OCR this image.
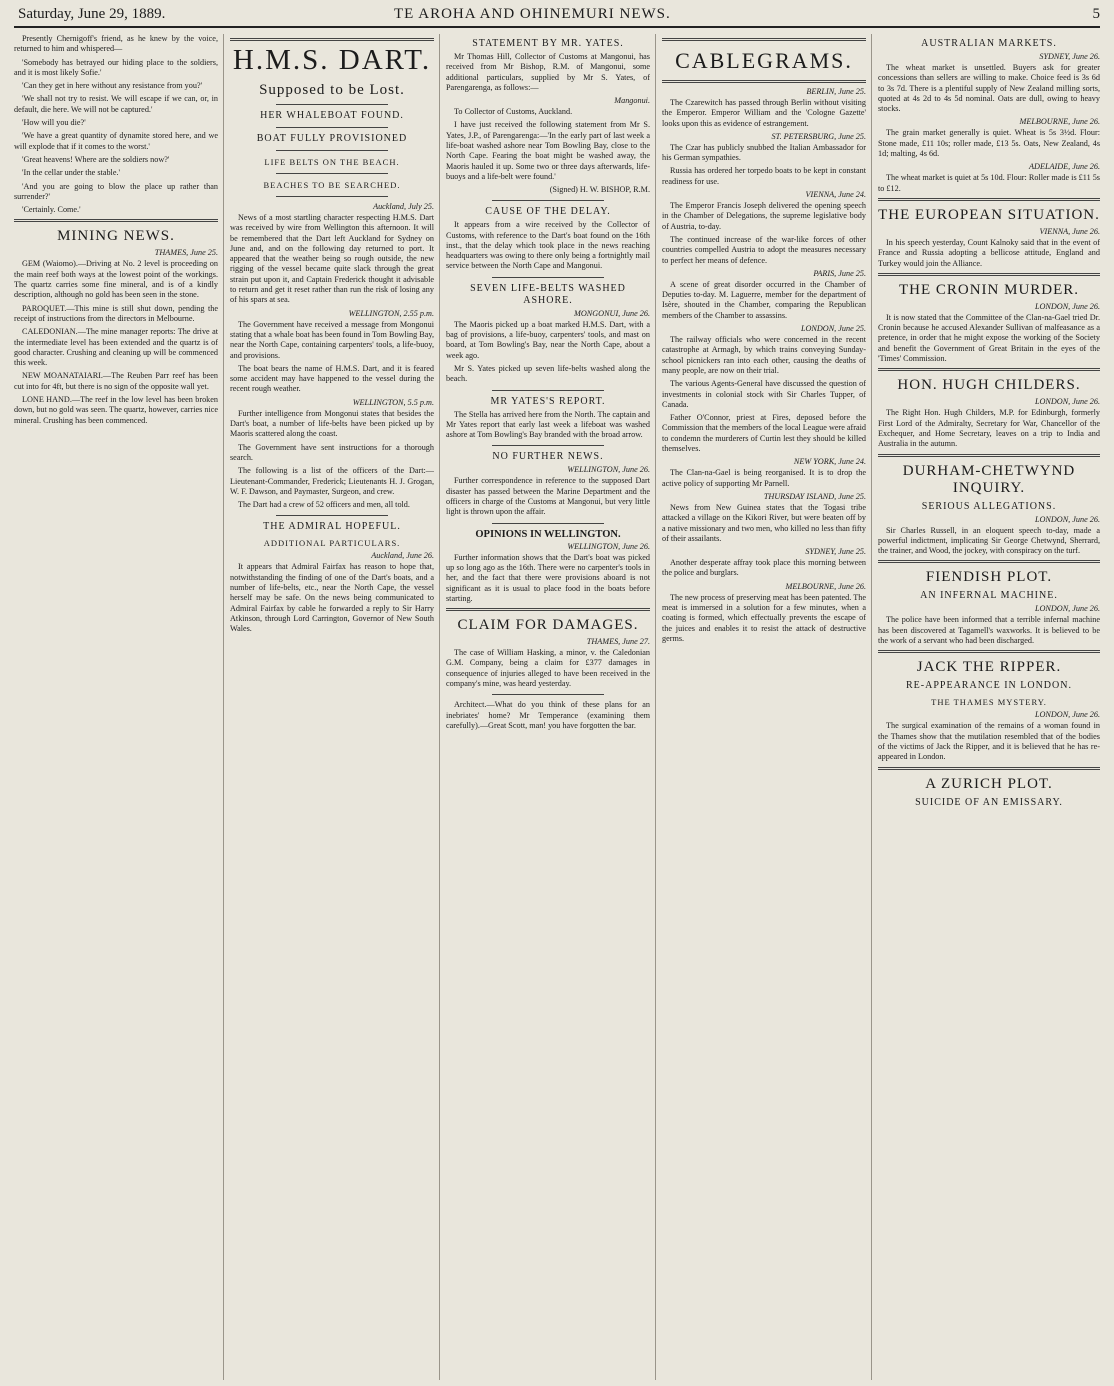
Saturday, June 29, 1889.	TE AROHA AND OHINEMURI NEWS.	5

Presently Chernigoff's friend, as he knew by the voice, returned to him and whispered—

'Somebody has betrayed our hiding place to the soldiers, and it is most likely Sofie.'

'Can they get in here without any resistance from you?'

'We shall not try to resist. We will escape if we can, or, in default, die here. We will not be captured.'

'How will you die?'

'We have a great quantity of dynamite stored here, and we will explode that if it comes to the worst.'

'Great heavens! Where are the soldiers now?'

'In the cellar under the stable.'

'And you are going to blow the place up rather than surrender?'

'Certainly. Come.'

MINING NEWS.
THAMES, June 25.

GEM (Waiomo).—Driving at No. 2 level is proceeding on the main reef both ways at the lowest point of the workings. The quartz carries some fine mineral, and is of a kindly description, although no gold has been seen in the stone.

PAROQUET.—This mine is still shut down, pending the receipt of instructions from the directors in Melbourne.

CALEDONIAN.—The mine manager reports: The drive at the intermediate level has been extended and the quartz is of good character. Crushing and cleaning up will be commenced this week.

NEW MOANATAIARI.—The Reuben Parr reef has been cut into for 4ft, but there is no sign of the opposite wall yet.

LONE HAND.—The reef in the low level has been broken down, but no gold was seen. The quartz, however, carries nice mineral. Crushing has been commenced.

H.M.S. DART.
Supposed to be Lost.
HER WHALEBOAT FOUND.
BOAT FULLY PROVISIONED
LIFE BELTS ON THE BEACH.
BEACHES TO BE SEARCHED.
Auckland, July 25.

News of a most startling character respecting H.M.S. Dart was received by wire from Wellington this afternoon. It will be remembered that the Dart left Auckland for Sydney on June and, and on the following day returned to port. It appeared that the weather being so rough outside, the new rigging of the vessel became quite slack through the great strain put upon it, and Captain Frederick thought it advisable to return and get it reset rather than run the risk of losing any of his spars at sea.

WELLINGTON, 2.55 p.m.

The Government have received a message from Mongonui stating that a whale boat has been found in Tom Bowling Bay, near the North Cape, containing carpenters' tools, a life-buoy, and provisions.

The boat bears the name of H.M.S. Dart, and it is feared some accident may have happened to the vessel during the recent rough weather.

WELLINGTON, 5.5 p.m.

Further intelligence from Mongonui states that besides the Dart's boat, a number of life-belts have been picked up by Maoris scattered along the coast.

The Government have sent instructions for a thorough search.

The following is a list of the officers of the Dart:—Lieutenant-Commander, Frederick; Lieutenants H. J. Grogan, W. F. Dawson, and Paymaster, Surgeon, and crew.

The Dart had a crew of 52 officers and men, all told.

THE ADMIRAL HOPEFUL.
ADDITIONAL PARTICULARS.
Auckland, June 26.

It appears that Admiral Fairfax has reason to hope that, notwithstanding the finding of one of the Dart's boats, and a number of life-belts, etc., near the North Cape, the vessel herself may be safe. On the news being communicated to Admiral Fairfax by cable he forwarded a reply to Sir Harry Atkinson, through Lord Carrington, Governor of New South Wales.

STATEMENT BY MR. YATES.

Mr Thomas Hill, Collector of Customs at Mangonui, has received from Mr Bishop, R.M. of Mangonui, some additional particulars, supplied by Mr S. Yates, of Parengarenga, as follows:—

Mangonui.

To Collector of Customs, Auckland.

I have just received the following statement from Mr S. Yates, J.P., of Parengarenga:—'In the early part of last week a life-boat washed ashore near Tom Bowling Bay, close to the North Cape. Fearing the boat might be washed away, the Maoris hauled it up. Some two or three days afterwards, life-buoys and a life-belt were found.'

(Signed) H. W. BISHOP, R.M.
CAUSE OF THE DELAY.

It appears from a wire received by the Collector of Customs, with reference to the Dart's boat found on the 16th inst., that the delay which took place in the news reaching headquarters was owing to there only being a fortnightly mail service between the North Cape and Mangonui.

SEVEN LIFE-BELTS WASHED ASHORE.
MONGONUI, June 26.

The Maoris picked up a boat marked H.M.S. Dart, with a bag of provisions, a life-buoy, carpenters' tools, and mast on board, at Tom Bowling's Bay, near the North Cape, about a week ago.

Mr S. Yates picked up seven life-belts washed along the beach.

MR YATES'S REPORT.

The Stella has arrived here from the North. The captain and Mr Yates report that early last week a lifeboat was washed ashore at Tom Bowling's Bay branded with the broad arrow.

NO FURTHER NEWS.
WELLINGTON, June 26.

Further correspondence in reference to the supposed Dart disaster has passed between the Marine Department and the officers in charge of the Customs at Mangonui, but very little light is thrown upon the affair.

OPINIONS IN WELLINGTON.
WELLINGTON, June 26.

Further information shows that the Dart's boat was picked up so long ago as the 16th. There were no carpenter's tools in her, and the fact that there were provisions aboard is not significant as it is usual to place food in the boats before starting.

CLAIM FOR DAMAGES.
THAMES, June 27.

The case of William Hasking, a minor, v. the Caledonian G.M. Company, being a claim for £377 damages in consequence of injuries alleged to have been received in the company's mine, was heard yesterday.

Architect.—What do you think of these plans for an inebriates' home? Mr Temperance (examining them carefully).—Great Scott, man! you have forgotten the bar.

CABLEGRAMS.
BERLIN, June 25.

The Czarewitch has passed through Berlin without visiting the Emperor. Emperor William and the 'Cologne Gazette' looks upon this as evidence of estrangement.

ST. PETERSBURG, June 25.

The Czar has publicly snubbed the Italian Ambassador for his German sympathies.

Russia has ordered her torpedo boats to be kept in constant readiness for use.

VIENNA, June 24.

The Emperor Francis Joseph delivered the opening speech in the Chamber of Delegations, the supreme legislative body of Austria, to-day.

The continued increase of the war-like forces of other countries compelled Austria to adopt the measures necessary to perfect her means of defence.

PARIS, June 25.

A scene of great disorder occurred in the Chamber of Deputies to-day. M. Laguerre, member for the department of Isère, shouted in the Chamber, comparing the Republican members of the Chamber to assassins.

LONDON, June 25.

The railway officials who were concerned in the recent catastrophe at Armagh, by which trains conveying Sunday-school picnickers ran into each other, causing the deaths of many people, are now on their trial.

The various Agents-General have discussed the question of investments in colonial stock with Sir Charles Tupper, of Canada.

Father O'Connor, priest at Fires, deposed before the Commission that the members of the local League were afraid to condemn the murderers of Curtin lest they should be killed themselves.

NEW YORK, June 24.

The Clan-na-Gael is being reorganised. It is to drop the active policy of supporting Mr Parnell.

THURSDAY ISLAND, June 25.

News from New Guinea states that the Togasi tribe attacked a village on the Kikori River, but were beaten off by a native missionary and two men, who killed no less than fifty of their assailants.

SYDNEY, June 25.

Another desperate affray took place this morning between the police and burglars.

MELBOURNE, June 26.

The new process of preserving meat has been patented. The meat is immersed in a solution for a few minutes, when a coating is formed, which effectually prevents the escape of the juices and enables it to resist the attack of destructive germs.

AUSTRALIAN MARKETS.
SYDNEY, June 26.

The wheat market is unsettled. Buyers ask for greater concessions than sellers are willing to make. Choice feed is 3s 6d to 3s 7d. There is a plentiful supply of New Zealand milling sorts, quoted at 4s 2d to 4s 5d nominal. Oats are dull, owing to heavy stocks.

MELBOURNE, June 26.

The grain market generally is quiet. Wheat is 5s 3½d. Flour: Stone made, £11 10s; roller made, £13 5s. Oats, New Zealand, 4s 1d; malting, 4s 6d.

ADELAIDE, June 26.

The wheat market is quiet at 5s 10d. Flour: Roller made is £11 5s to £12.

THE EUROPEAN SITUATION.
VIENNA, June 26.

In his speech yesterday, Count Kalnoky said that in the event of France and Russia adopting a bellicose attitude, England and Turkey would join the Alliance.

THE CRONIN MURDER.
LONDON, June 26.

It is now stated that the Committee of the Clan-na-Gael tried Dr. Cronin because he accused Alexander Sullivan of malfeasance as a pretence, in order that he might expose the working of the Society and benefit the Government of Great Britain in the eyes of the 'Times' Commission.

HON. HUGH CHILDERS.
LONDON, June 26.

The Right Hon. Hugh Childers, M.P. for Edinburgh, formerly First Lord of the Admiralty, Secretary for War, Chancellor of the Exchequer, and Home Secretary, leaves on a trip to India and Australia in the autumn.

DURHAM-CHETWYND INQUIRY.
SERIOUS ALLEGATIONS.
LONDON, June 26.

Sir Charles Russell, in an eloquent speech to-day, made a powerful indictment, implicating Sir George Chetwynd, Sherrard, the trainer, and Wood, the jockey, with conspiracy on the turf.

FIENDISH PLOT.
AN INFERNAL MACHINE.
LONDON, June 26.

The police have been informed that a terrible infernal machine has been discovered at Tagamell's waxworks. It is believed to be the work of a servant who had been discharged.

JACK THE RIPPER.
RE-APPEARANCE IN LONDON.
THE THAMES MYSTERY.
LONDON, June 26.

The surgical examination of the remains of a woman found in the Thames show that the mutilation resembled that of the bodies of the victims of Jack the Ripper, and it is believed that he has re-appeared in London.

A ZURICH PLOT.
SUICIDE OF AN EMISSARY.
